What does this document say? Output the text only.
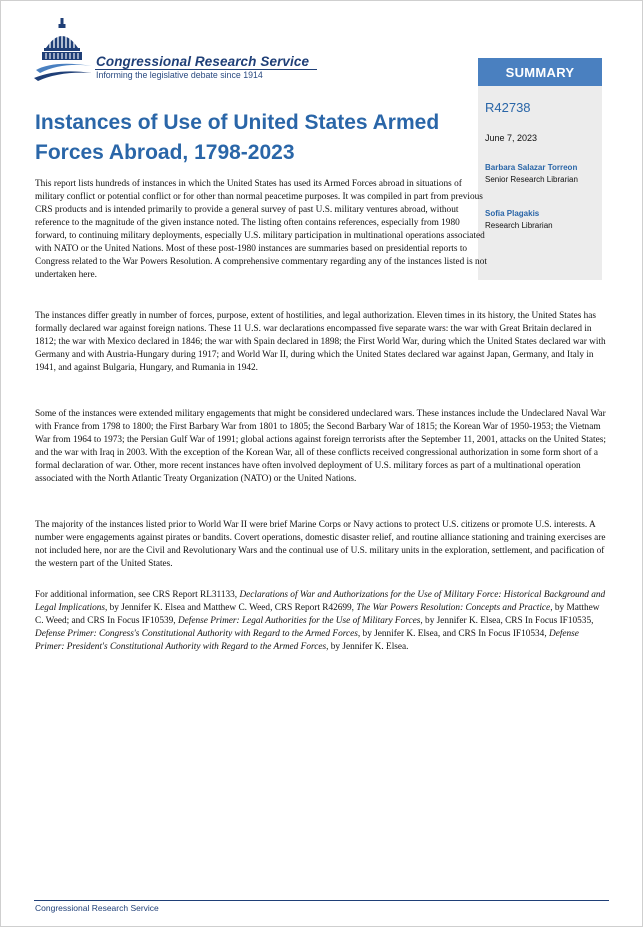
Congressional Research Service
Informing the legislative debate since 1914
Instances of Use of United States Armed Forces Abroad, 1798-2023
SUMMARY
R42738
June 7, 2023
Barbara Salazar Torreon
Senior Research Librarian
Sofia Plagakis
Research Librarian
This report lists hundreds of instances in which the United States has used its Armed Forces abroad in situations of military conflict or potential conflict or for other than normal peacetime purposes. It was compiled in part from previous CRS products and is intended primarily to provide a general survey of past U.S. military ventures abroad, without reference to the magnitude of the given instance noted. The listing often contains references, especially from 1980 forward, to continuing military deployments, especially U.S. military participation in multinational operations associated with NATO or the United Nations. Most of these post-1980 instances are summaries based on presidential reports to Congress related to the War Powers Resolution. A comprehensive commentary regarding any of the instances listed is not undertaken here.
The instances differ greatly in number of forces, purpose, extent of hostilities, and legal authorization. Eleven times in its history, the United States has formally declared war against foreign nations. These 11 U.S. war declarations encompassed five separate wars: the war with Great Britain declared in 1812; the war with Mexico declared in 1846; the war with Spain declared in 1898; the First World War, during which the United States declared war with Germany and with Austria-Hungary during 1917; and World War II, during which the United States declared war against Japan, Germany, and Italy in 1941, and against Bulgaria, Hungary, and Rumania in 1942.
Some of the instances were extended military engagements that might be considered undeclared wars. These instances include the Undeclared Naval War with France from 1798 to 1800; the First Barbary War from 1801 to 1805; the Second Barbary War of 1815; the Korean War of 1950-1953; the Vietnam War from 1964 to 1973; the Persian Gulf War of 1991; global actions against foreign terrorists after the September 11, 2001, attacks on the United States; and the war with Iraq in 2003. With the exception of the Korean War, all of these conflicts received congressional authorization in some form short of a formal declaration of war. Other, more recent instances have often involved deployment of U.S. military forces as part of a multinational operation associated with the North Atlantic Treaty Organization (NATO) or the United Nations.
The majority of the instances listed prior to World War II were brief Marine Corps or Navy actions to protect U.S. citizens or promote U.S. interests. A number were engagements against pirates or bandits. Covert operations, domestic disaster relief, and routine alliance stationing and training exercises are not included here, nor are the Civil and Revolutionary Wars and the continual use of U.S. military units in the exploration, settlement, and pacification of the western part of the United States.
For additional information, see CRS Report RL31133, Declarations of War and Authorizations for the Use of Military Force: Historical Background and Legal Implications, by Jennifer K. Elsea and Matthew C. Weed, CRS Report R42699, The War Powers Resolution: Concepts and Practice, by Matthew C. Weed; and CRS In Focus IF10539, Defense Primer: Legal Authorities for the Use of Military Forces, by Jennifer K. Elsea, CRS In Focus IF10535, Defense Primer: Congress's Constitutional Authority with Regard to the Armed Forces, by Jennifer K. Elsea, and CRS In Focus IF10534, Defense Primer: President's Constitutional Authority with Regard to the Armed Forces, by Jennifer K. Elsea.
Congressional Research Service
